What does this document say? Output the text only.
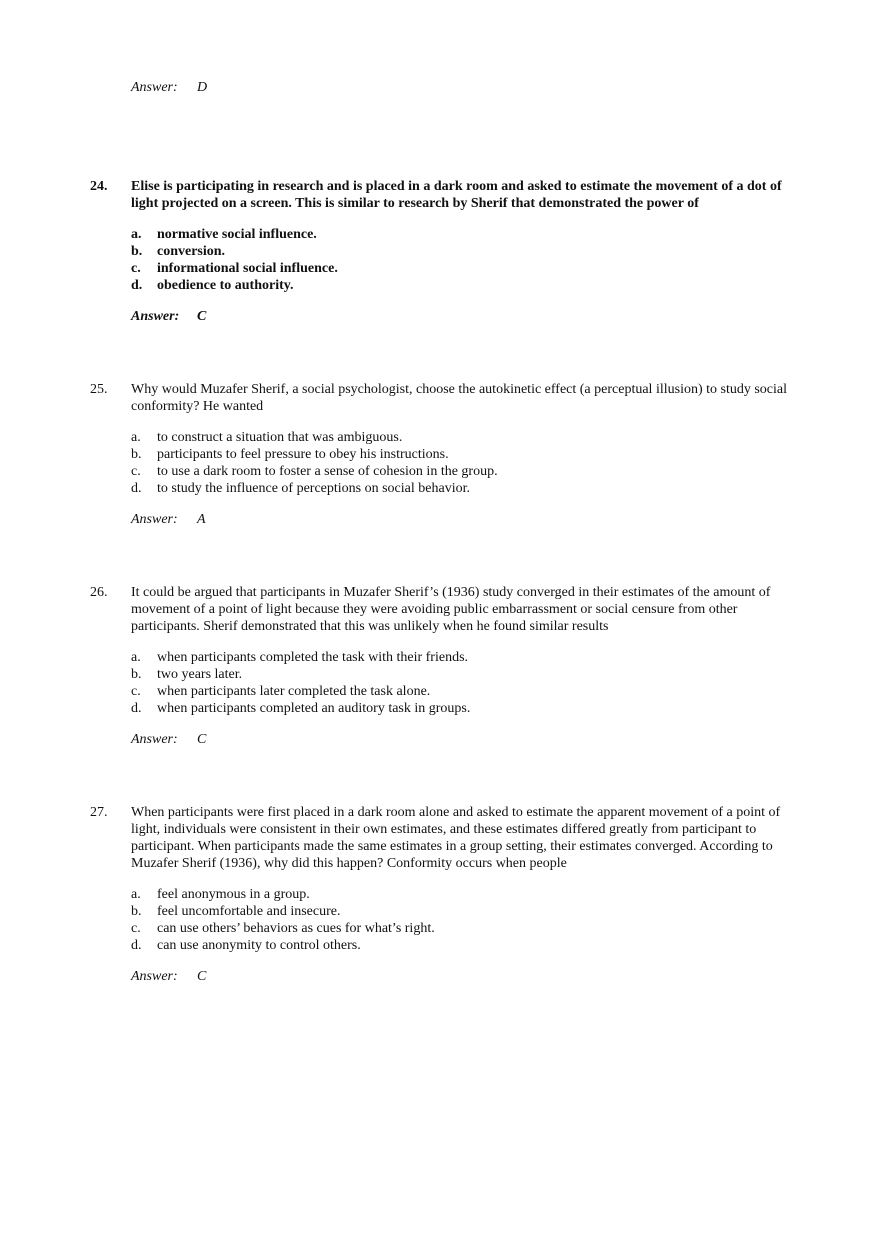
Answer: D
24. Elise is participating in research and is placed in a dark room and asked to estimate the movement of a dot of light projected on a screen. This is similar to research by Sherif that demonstrated the power of
a. normative social influence.
b. conversion.
c. informational social influence.
d. obedience to authority.
Answer: C
25. Why would Muzafer Sherif, a social psychologist, choose the autokinetic effect (a perceptual illusion) to study social conformity? He wanted
a. to construct a situation that was ambiguous.
b. participants to feel pressure to obey his instructions.
c. to use a dark room to foster a sense of cohesion in the group.
d. to study the influence of perceptions on social behavior.
Answer: A
26. It could be argued that participants in Muzafer Sherif’s (1936) study converged in their estimates of the amount of movement of a point of light because they were avoiding public embarrassment or social censure from other participants. Sherif demonstrated that this was unlikely when he found similar results
a. when participants completed the task with their friends.
b. two years later.
c. when participants later completed the task alone.
d. when participants completed an auditory task in groups.
Answer: C
27. When participants were first placed in a dark room alone and asked to estimate the apparent movement of a point of light, individuals were consistent in their own estimates, and these estimates differed greatly from participant to participant. When participants made the same estimates in a group setting, their estimates converged. According to Muzafer Sherif (1936), why did this happen? Conformity occurs when people
a. feel anonymous in a group.
b. feel uncomfortable and insecure.
c. can use others’ behaviors as cues for what’s right.
d. can use anonymity to control others.
Answer: C
